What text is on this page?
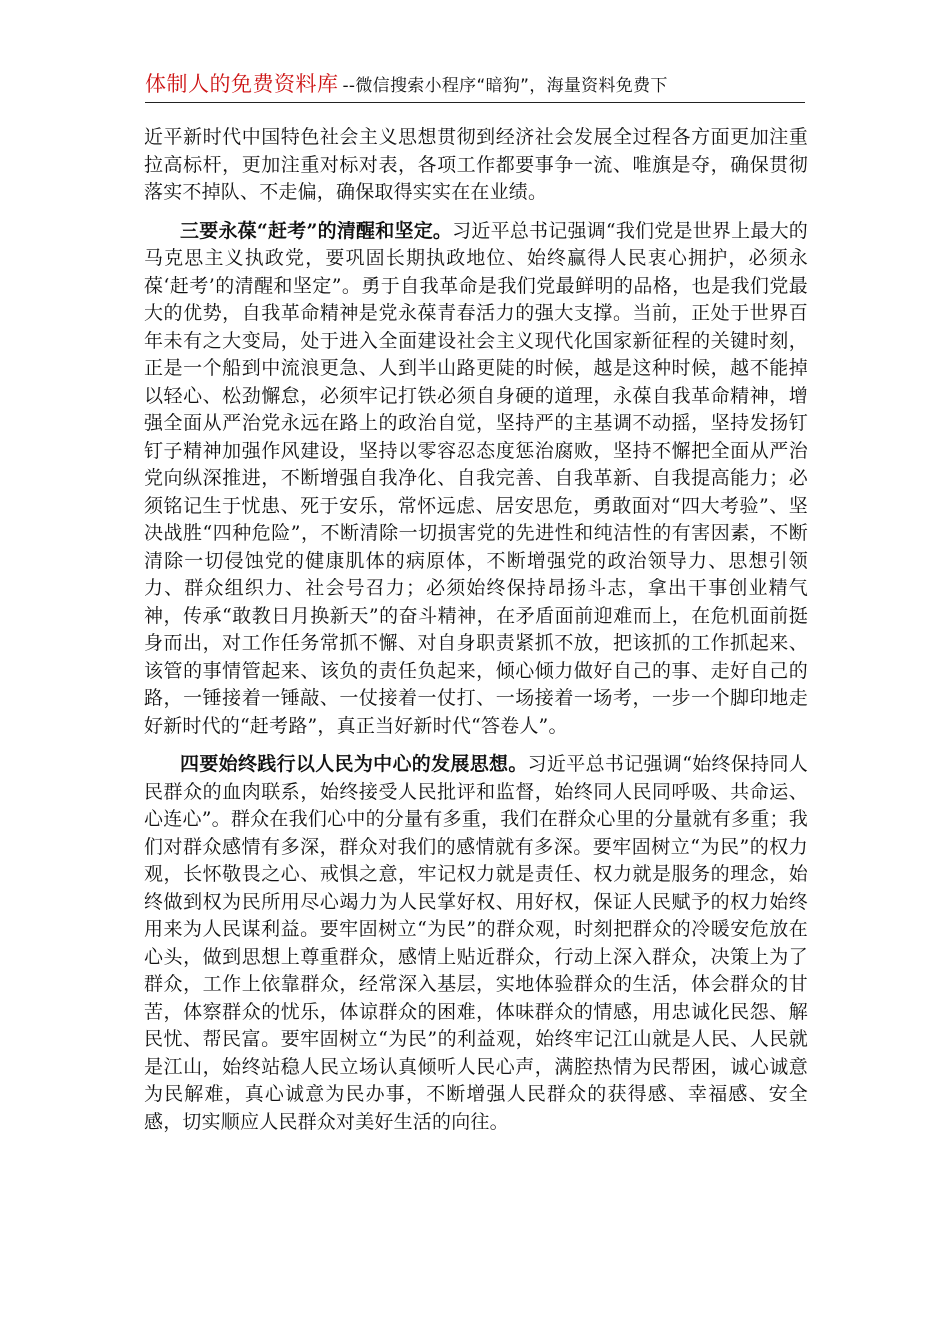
体制人的免费资料库 --微信搜索小程序“暗狗”，海量资料免费下

近平新时代中国特色社会主义思想贯彻到经济社会发展全过程各方面更加注重拉高标杆，更加注重对标对表，各项工作都要事争一流、唯旗是夺，确保贯彻落实不掉队、不走偏，确保取得实实在在业绩。

三要永葆“赶考”的清醒和坚定。习近平总书记强调“我们党是世界上最大的马克思主义执政党，要巩固长期执政地位、始终赢得人民衷心拥护，必须永葆‘赶考’的清醒和坚定”。勇于自我革命是我们党最鲜明的品格，也是我们党最大的优势，自我革命精神是党永葆青春活力的强大支撑。当前，正处于世界百年未有之大变局，处于进入全面建设社会主义现代化国家新征程的关键时刻，正是一个船到中流浪更急、人到半山路更陡的时候，越是这种时候，越不能掉以轻心、松劲懈怠，必须牢记打铁必须自身硬的道理，永葆自我革命精神，增强全面从严治党永远在路上的政治自觉，坚持严的主基调不动摇，坚持发扬钉钉子精神加强作风建设，坚持以零容忍态度惩治腐败，坚持不懈把全面从严治党向纵深推进，不断增强自我净化、自我完善、自我革新、自我提高能力；必须铭记生于忧患、死于安乐，常怀远虑、居安思危，勇敢面对“四大考验”、坚决战胜“四种危险”，不断清除一切损害党的先进性和纯洁性的有害因素，不断清除一切侵蚀党的健康肌体的病原体，不断增强党的政治领导力、思想引领力、群众组织力、社会号召力；必须始终保持昂扬斗志，拿出干事创业精气神，传承“敢教日月换新天”的奋斗精神，在矛盾面前迎难而上，在危机面前挺身而出，对工作任务常抓不懈、对自身职责紧抓不放，把该抓的工作抓起来、该管的事情管起来、该负的责任负起来，倾心倾力做好自己的事、走好自己的路，一锤接着一锤敲、一仗接着一仗打、一场接着一场考，一步一个脚印地走好新时代的“赶考路”，真正当好新时代“答卷人”。

四要始终践行以人民为中心的发展思想。习近平总书记强调“始终保持同人民群众的血肉联系，始终接受人民批评和监督，始终同人民同呼吸、共命运、心连心”。群众在我们心中的分量有多重，我们在群众心里的分量就有多重；我们对群众感情有多深，群众对我们的感情就有多深。要牢固树立“为民”的权力观，长怀敬畏之心、戒惧之意，牢记权力就是责任、权力就是服务的理念，始终做到权为民所用尽心竭力为人民掌好权、用好权，保证人民赋予的权力始终用来为人民谋利益。要牢固树立“为民”的群众观，时刻把群众的冷暖安危放在心头，做到思想上尊重群众，感情上贴近群众，行动上深入群众，决策上为了群众，工作上依靠群众，经常深入基层，实地体验群众的生活，体会群众的甘苦，体察群众的忧乐，体谅群众的困难，体味群众的情感，用忠诚化民怨、解民忧、帮民富。要牢固树立“为民”的利益观，始终牢记江山就是人民、人民就是江山，始终站稳人民立场认真倾听人民心声，满腔热情为民帮困，诚心诚意为民解难，真心诚意为民办事，不断增强人民群众的获得感、幸福感、安全感，切实顺应人民群众对美好生活的向往。
